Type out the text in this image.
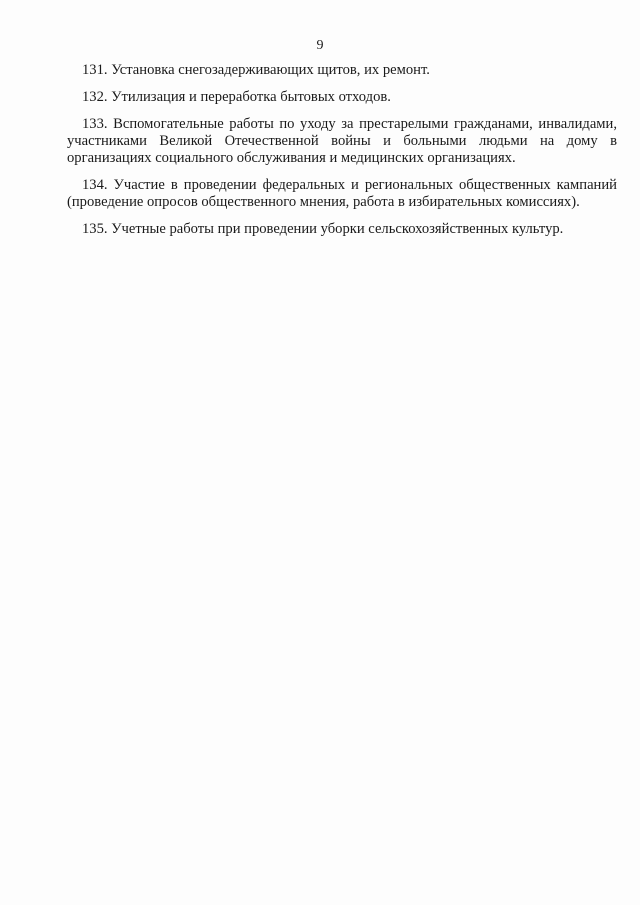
9

131. Установка снегозадерживающих щитов, их ремонт.

132. Утилизация и переработка бытовых отходов.

133. Вспомогательные работы по уходу за престарелыми гражданами, инвалидами, участниками Великой Отечественной войны и больными людьми на дому в организациях социального обслуживания и медицинских организациях.

134. Участие в проведении федеральных и региональных общественных кампаний (проведение опросов общественного мнения, работа в избирательных комиссиях).

135. Учетные работы при проведении уборки сельскохозяйственных культур.
